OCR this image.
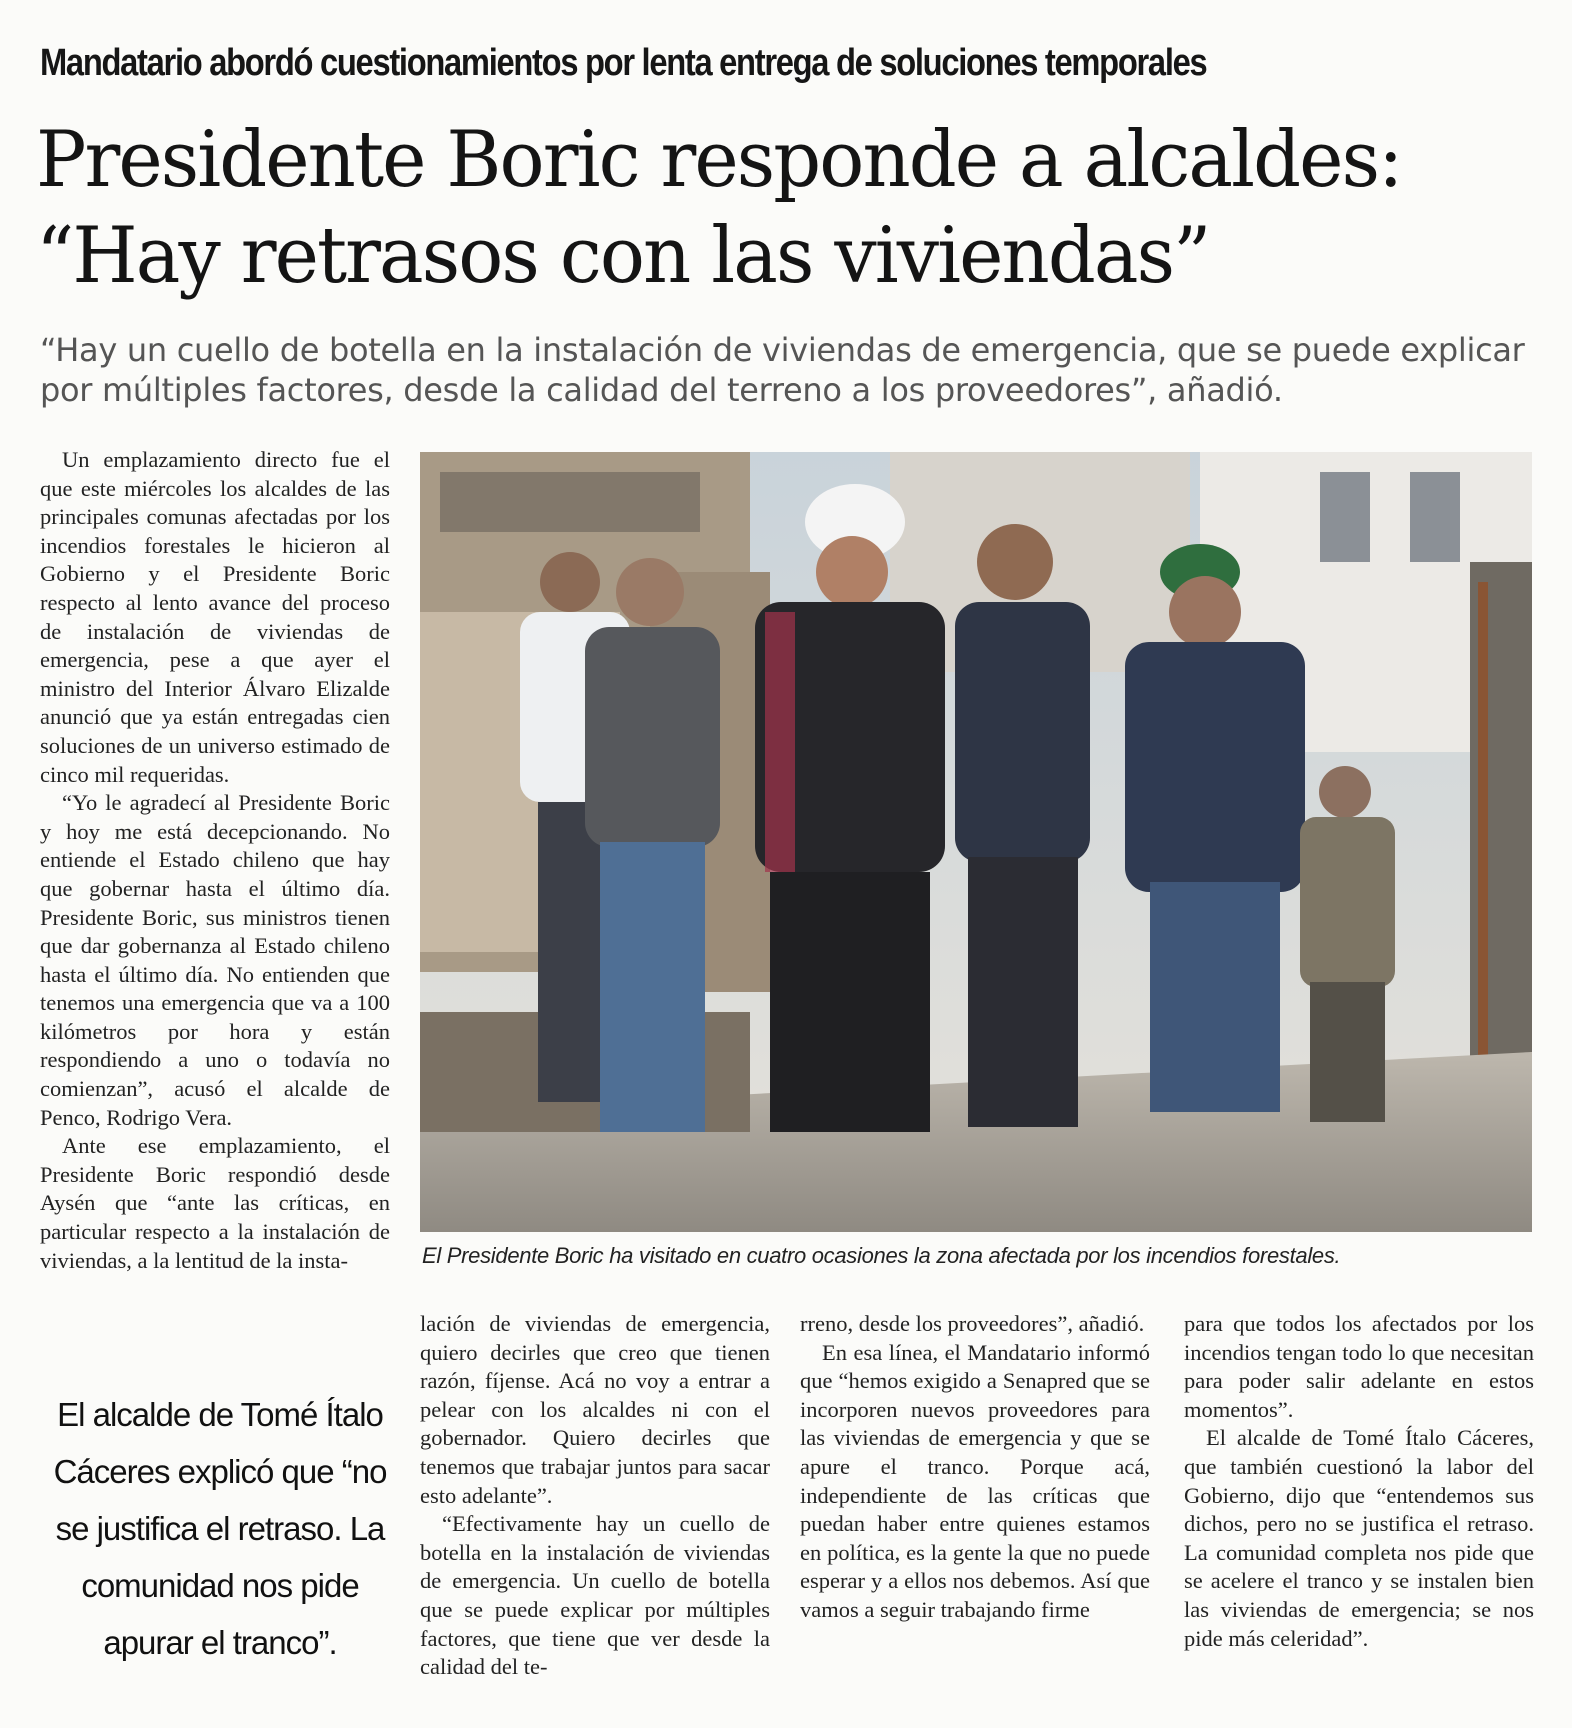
Mandatario abordó cuestionamientos por lenta entrega de soluciones temporales
Presidente Boric responde a alcaldes:
“Hay retrasos con las viviendas”
“Hay un cuello de botella en la instalación de viviendas de emergencia, que se puede explicar por múltiples factores, desde la calidad del terreno a los proveedores”, añadió.

Un emplazamiento directo fue el que este miércoles los alcaldes de las principales comunas afectadas por los incendios forestales le hicieron al Gobierno y el Presidente Boric respecto al lento avance del proceso de instalación de viviendas de emergencia, pese a que ayer el ministro del Interior Álvaro Elizalde anunció que ya están entregadas cien soluciones de un universo estimado de cinco mil requeridas.

“Yo le agradecí al Presidente Boric y hoy me está decepcionando. No entiende el Estado chileno que hay que gobernar hasta el último día. Presidente Boric, sus ministros tienen que dar gobernanza al Estado chileno hasta el último día. No entienden que tenemos una emergencia que va a 100 kilómetros por hora y están respondiendo a uno o todavía no comienzan”, acusó el alcalde de Penco, Rodrigo Vera.

Ante ese emplazamiento, el Presidente Boric respondió desde Aysén que “ante las críticas, en particular respecto a la instalación de viviendas, a la lentitud de la insta-

El alcalde de Tomé Ítalo Cáceres explicó que “no se justifica el retraso. La comunidad nos pide apurar el tranco”.
El Presidente Boric ha visitado en cuatro ocasiones la zona afectada por los incendios forestales.

lación de viviendas de emergencia, quiero decirles que creo que tienen razón, fíjense. Acá no voy a entrar a pelear con los alcaldes ni con el gobernador. Quiero decirles que tenemos que trabajar juntos para sacar esto adelante”.

“Efectivamente hay un cuello de botella en la instalación de viviendas de emergencia. Un cuello de botella que se puede explicar por múltiples factores, que tiene que ver desde la calidad del te-

rreno, desde los proveedores”, añadió.

En esa línea, el Mandatario informó que “hemos exigido a Senapred que se incorporen nuevos proveedores para las viviendas de emergencia y que se apure el tranco. Porque acá, independiente de las críticas que puedan haber entre quienes estamos en política, es la gente la que no puede esperar y a ellos nos debemos. Así que vamos a seguir trabajando firme

para que todos los afectados por los incendios tengan todo lo que necesitan para poder salir adelante en estos momentos”.

El alcalde de Tomé Ítalo Cáceres, que también cuestionó la labor del Gobierno, dijo que “entendemos sus dichos, pero no se justifica el retraso. La comunidad completa nos pide que se acelere el tranco y se instalen bien las viviendas de emergencia; se nos pide más celeridad”.
